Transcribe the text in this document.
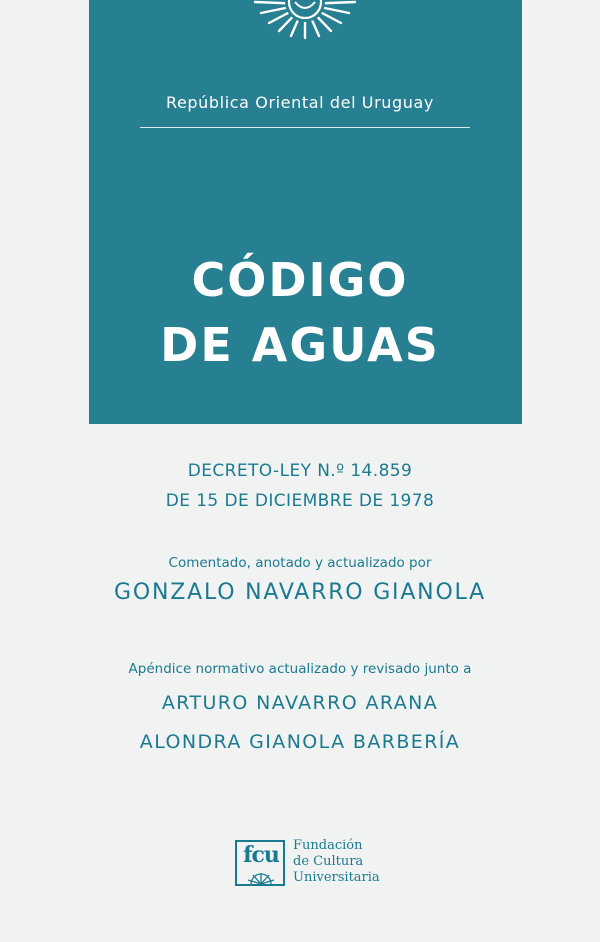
República Oriental del Uruguay
CÓDIGO
DE AGUAS
DECRETO-LEY N.º 14.859
DE 15 DE DICIEMBRE DE 1978
Comentado, anotado y actualizado por
GONZALO NAVARRO GIANOLA
Apéndice normativo actualizado y revisado junto a
ARTURO NAVARRO ARANA
ALONDRA GIANOLA BARBERÍA
fcu	Fundación
de Cultura
Universitaria
